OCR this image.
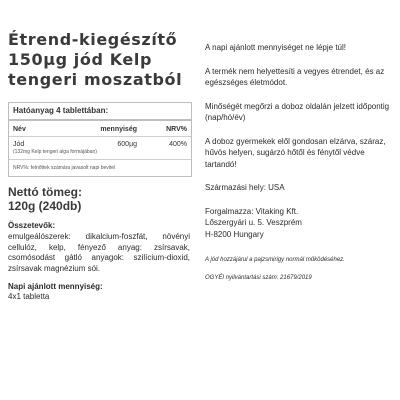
Étrend-kiegészítő
150µg jód Kelp
tengeri moszatból
Hatóanyag 4 tablettában:
Név	mennyiség	NRV%
Jód	600µg	400%
(132mg Kelp tengeri alga formájában)
NRV%: felnőttek számára javasolt napi bevitel
Nettó tömeg:
120g (240db)
Összetevők:
emulgeálószerek: dikalcium-foszfát, növényi cellulóz, kelp, fényező anyag: zsírsavak, csomósodást gátló anyagok: szilícium-dioxid, zsírsavak magnézium sói.
Napi ajánlott mennyiség:
4x1 tabletta

A napi ajánlott mennyiséget ne lépje túl!

A termék nem helyettesíti a vegyes étrendet, és az egészséges életmódot.

Minőségét megőrzi a doboz oldalán jelzett időpontig (nap/hó/év)

A doboz gyermekek elől gondosan elzárva, száraz, hűvös helyen, sugárzó hőtől és fénytől védve tartandó!

Származási hely: USA

Forgalmazza: Vitaking Kft.
Lőszergyári u. 5. Veszprém
H-8200 Hungary

A jód hozzájárul a pajzsmirigy normál működéséhez.

OGYÉI nyilvántartási szám: 21679/2019
